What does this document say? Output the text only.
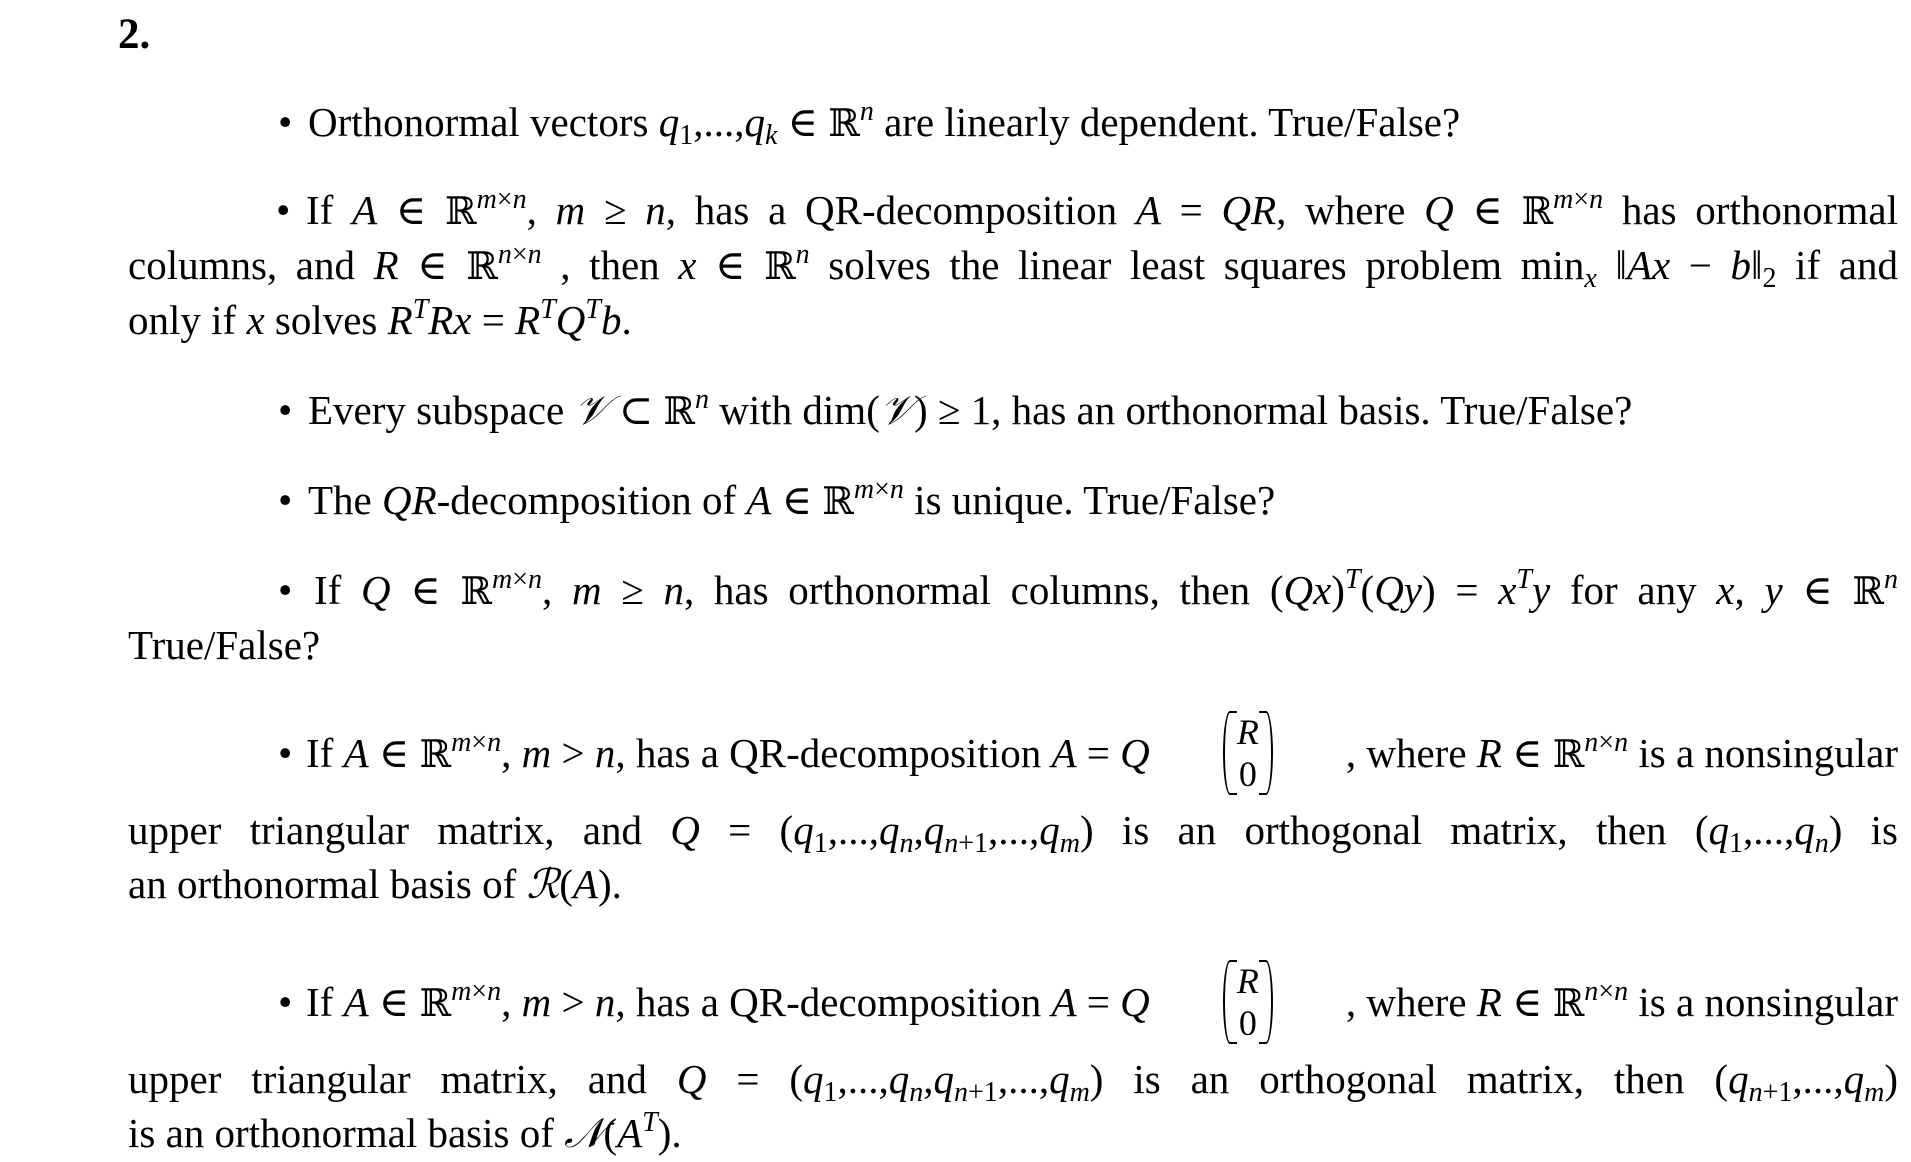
2.
• Orthonormal vectors $q_1,...,q_k$ ∈ ℝ$^n$ are linearly dependent. True/False?
• If A ∈ ℝ$^{m\times n}$, m ≥ n, has a QR-decomposition A = QR, where Q ∈ ℝ$^{m\times n}$ has orthonormal
columns, and R ∈ ℝ$^{n\times n}$ , then x ∈ ℝ$^n$ solves the linear least squares problem $\min_x$ ‖Ax − $b‖_2$ if and
only if x solves $R^TRx = R^TQ^Tb$.
• Every subspace 𝒱 ⊂ ℝ$^n$ with dim(𝒱) ≥ 1, has an orthonormal basis. True/False?
• The QR-decomposition of A ∈ ℝ$^{m\times n}$ is unique. True/False?
• If Q ∈ ℝ$^{m\times n}$, m ≥ n, has orthonormal columns, then $(Qx)^T(Qy) = x^Ty$ for any x, y ∈ ℝ$^n$
True/False?
• If A ∈ ℝ$^{m\times n}$, m > n, has a QR-decomposition A = Q R
0 , where R ∈ ℝ$^{n\times n}$ is a nonsingular
upper triangular matrix, and $Q = (q_1,...,q_n,q_{n+1},...,q_m)$ is an orthogonal matrix, then $(q_1,...,q_n)$ is
an orthonormal basis of ℛ(A).
• If A ∈ ℝ$^{m\times n}$, m > n, has a QR-decomposition A = Q R
0 , where R ∈ ℝ$^{n\times n}$ is a nonsingular
upper triangular matrix, and $Q = (q_1,...,q_n,q_{n+1},...,q_m)$ is an orthogonal matrix, then $(q_{n+1},...,q_m)$
is an orthonormal basis of $𝒩(A^T)$.
